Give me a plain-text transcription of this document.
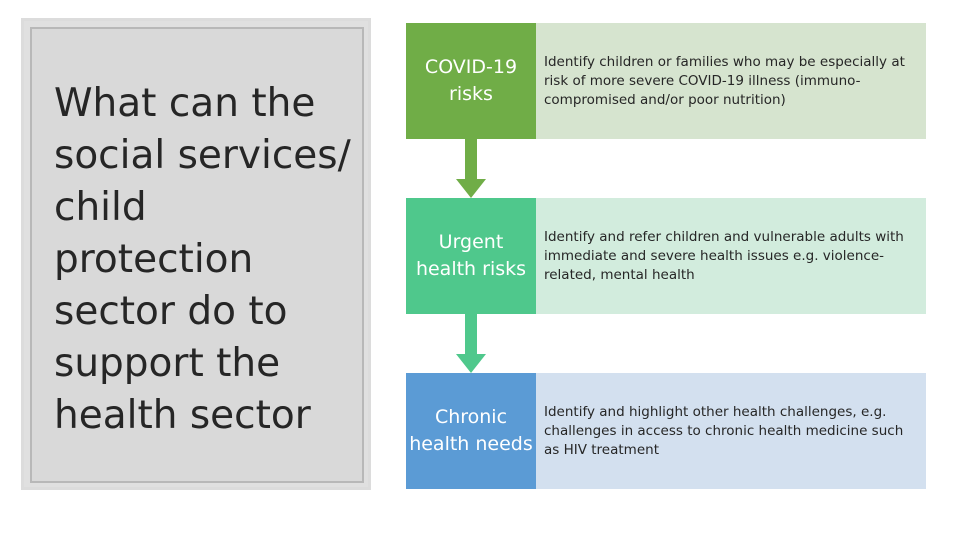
What can the social services/ child protection sector do to support the health sector
COVID-19 risks
Identify children or families who may be especially at risk of more severe COVID-19 illness (immuno-compromised and/or poor nutrition)
Urgent health risks
Identify and refer children and vulnerable adults with immediate and severe health issues e.g. violence-related, mental health
Chronic health needs
Identify and highlight other health challenges, e.g. challenges in access to chronic health medicine such as HIV treatment
